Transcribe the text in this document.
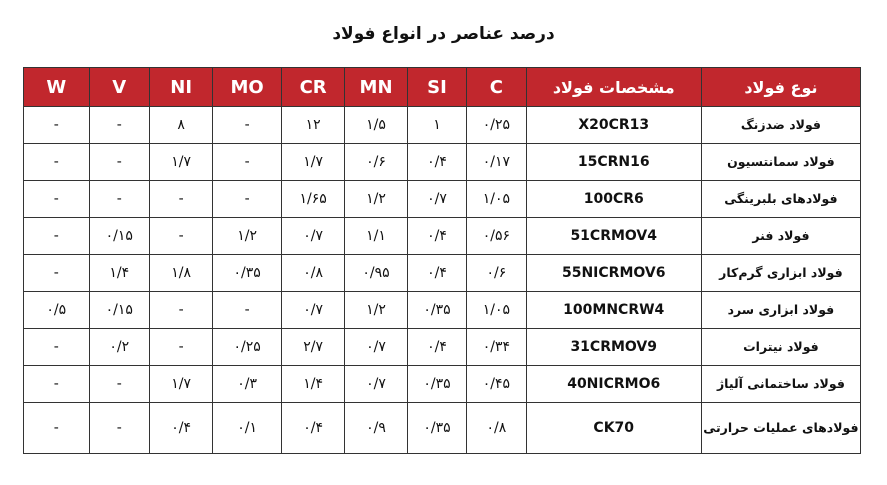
درصد عناصر در انواع فولاد
نوع فولاد	مشخصات فولاد	C	SI	MN	CR	MO	NI	V	W
فولاد ضدزنگ	X20CR13	۰/۲۵	۱	۱/۵	۱۲	-	۸	-	-
فولاد سمانتسیون	15CRN16	۰/۱۷	۰/۴	۰/۶	۱/۷	-	۱/۷	-	-
فولادهای بلبرینگی	100CR6	۱/۰۵	۰/۷	۱/۲	۱/۶۵	-	-	-	-
فولاد فنر	51CRMOV4	۰/۵۶	۰/۴	۱/۱	۰/۷	۱/۲	-	۰/۱۵	-
فولاد ابزاری گرم‌کار	55NICRMOV6	۰/۶	۰/۴	۰/۹۵	۰/۸	۰/۳۵	۱/۸	۱/۴	-
فولاد ابزاری سرد	100MNCRW4	۱/۰۵	۰/۳۵	۱/۲	۰/۷	-	-	۰/۱۵	۰/۵
فولاد نیترات	31CRMOV9	۰/۳۴	۰/۴	۰/۷	۲/۷	۰/۲۵	-	۰/۲	-
فولاد ساختمانی آلیاژ	40NICRMO6	۰/۴۵	۰/۳۵	۰/۷	۱/۴	۰/۳	۱/۷	-	-
فولادهای عملیات حرارتی	CK70	۰/۸	۰/۳۵	۰/۹	۰/۴	۰/۱	۰/۴	-	-
